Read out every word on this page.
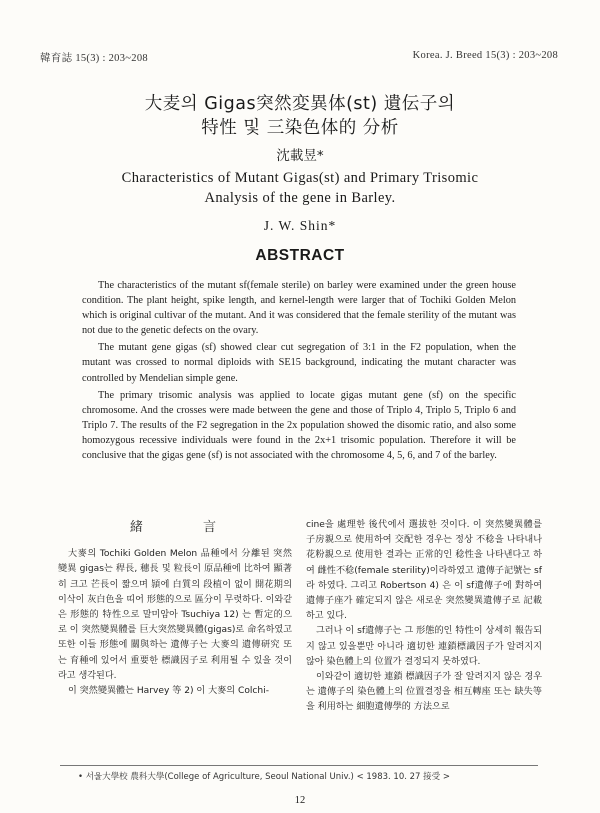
韓育誌 15(3) : 203~208	Korea. J. Breed 15(3) : 203~208
大麦의 Gigas突然変異体(st) 遺伝子의
特性 및 三染色体的 分析
沈載昱*
Characteristics of Mutant Gigas(st) and Primary Trisomic
Analysis of the gene in Barley.
J. W. Shin*
ABSTRACT

The characteristics of the mutant sf(female sterile) on barley were examined under the green house condition. The plant height, spike length, and kernel-length were larger that of Tochiki Golden Melon which is original cultivar of the mutant. And it was considered that the female sterility of the mutant was not due to the genetic defects on the ovary.

The mutant gene gigas (sf) showed clear cut segregation of 3:1 in the F2 population, when the mutant was crossed to normal diploids with SE15 background, indicating the mutant character was controlled by Mendelian simple gene.

The primary trisomic analysis was applied to locate gigas mutant gene (sf) on the specific chromosome. And the crosses were made between the gene and those of Triplo 4, Triplo 5, Triplo 6 and Triplo 7. The results of the F2 segregation in the 2x population showed the disomic ratio, and also some homozygous recessive individuals were found in the 2x+1 trisomic population. Therefore it will be conclusive that the gigas gene (sf) is not associated with the chromosome 4, 5, 6, and 7 of the barley.

緒 言

大麥의 Tochiki Golden Melon 品種에서 分離된 突然變異 gigas는 稈長, 穗長 및 粒長이 原品種에 比하여 顯著히 크고 芒長이 짧으며 頴에 白質의 段植이 없이 開花期의 이삭이 灰白色을 띠어 形態的으로 區分이 무렷하다. 이와같은 形態的 特性으로 말미암아 Tsuchiya 12) 는 暫定的으로 이 突然變異體를 巨大突然變異體(gigas)로 命名하였고 또한 이들 形態에 關與하는 遺傳子는 大麥의 遺傳研究 또는 育種에 있어서 重要한 標識因子로 利用될 수 있을 것이라고 생각된다.

이 突然變異體는 Harvey 等 2) 이 大麥의 Colchi-

cine을 處理한 後代에서 選拔한 것이다. 이 突然變異體를 子房親으로 使用하여 交配한 경우는 정상 不稔을 나타내나 花粉親으로 使用한 결과는 正常的인 稔性을 나타낸다고 하여 雌性不稔(female sterility)이라하였고 遺傳子記號는 sf라 하였다. 그리고 Robertson 4) 은 이 sf遺傳子에 對하여 遺傳子座가 確定되지 않은 새로운 突然變異遺傳子로 記載하고 있다.

그러나 이 sf遺傳子는 그 形態的인 特性이 상세히 報告되지 않고 있을뿐만 아니라 適切한 連鎖標識因子가 알려지지 않아 染色體上의 位置가 결정되지 못하였다.

이와같이 適切한 連鎖 標識因子가 잘 알려지지 않은 경우는 遺傳子의 染色體上의 位置결정을 相互轉座 또는 缺失等을 利用하는 細胞遺傳學的 方法으로

• 서울大學校 農科大學(College of Agriculture, Seoul National Univ.) < 1983. 10. 27 接受 >
12
